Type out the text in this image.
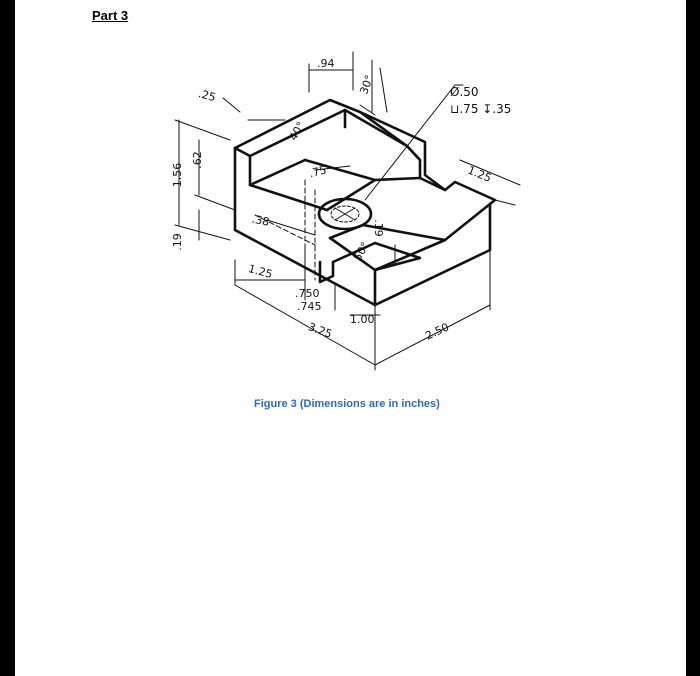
Part 3
.94
30°
.25
40°
Ø.50
⊔.75 ↧.35
1.56
.62
.75	1.25
.38
.19
.19
50°
1.25
.750
.745
1.00
3.25	2.50
Figure 3 (Dimensions are in inches)
